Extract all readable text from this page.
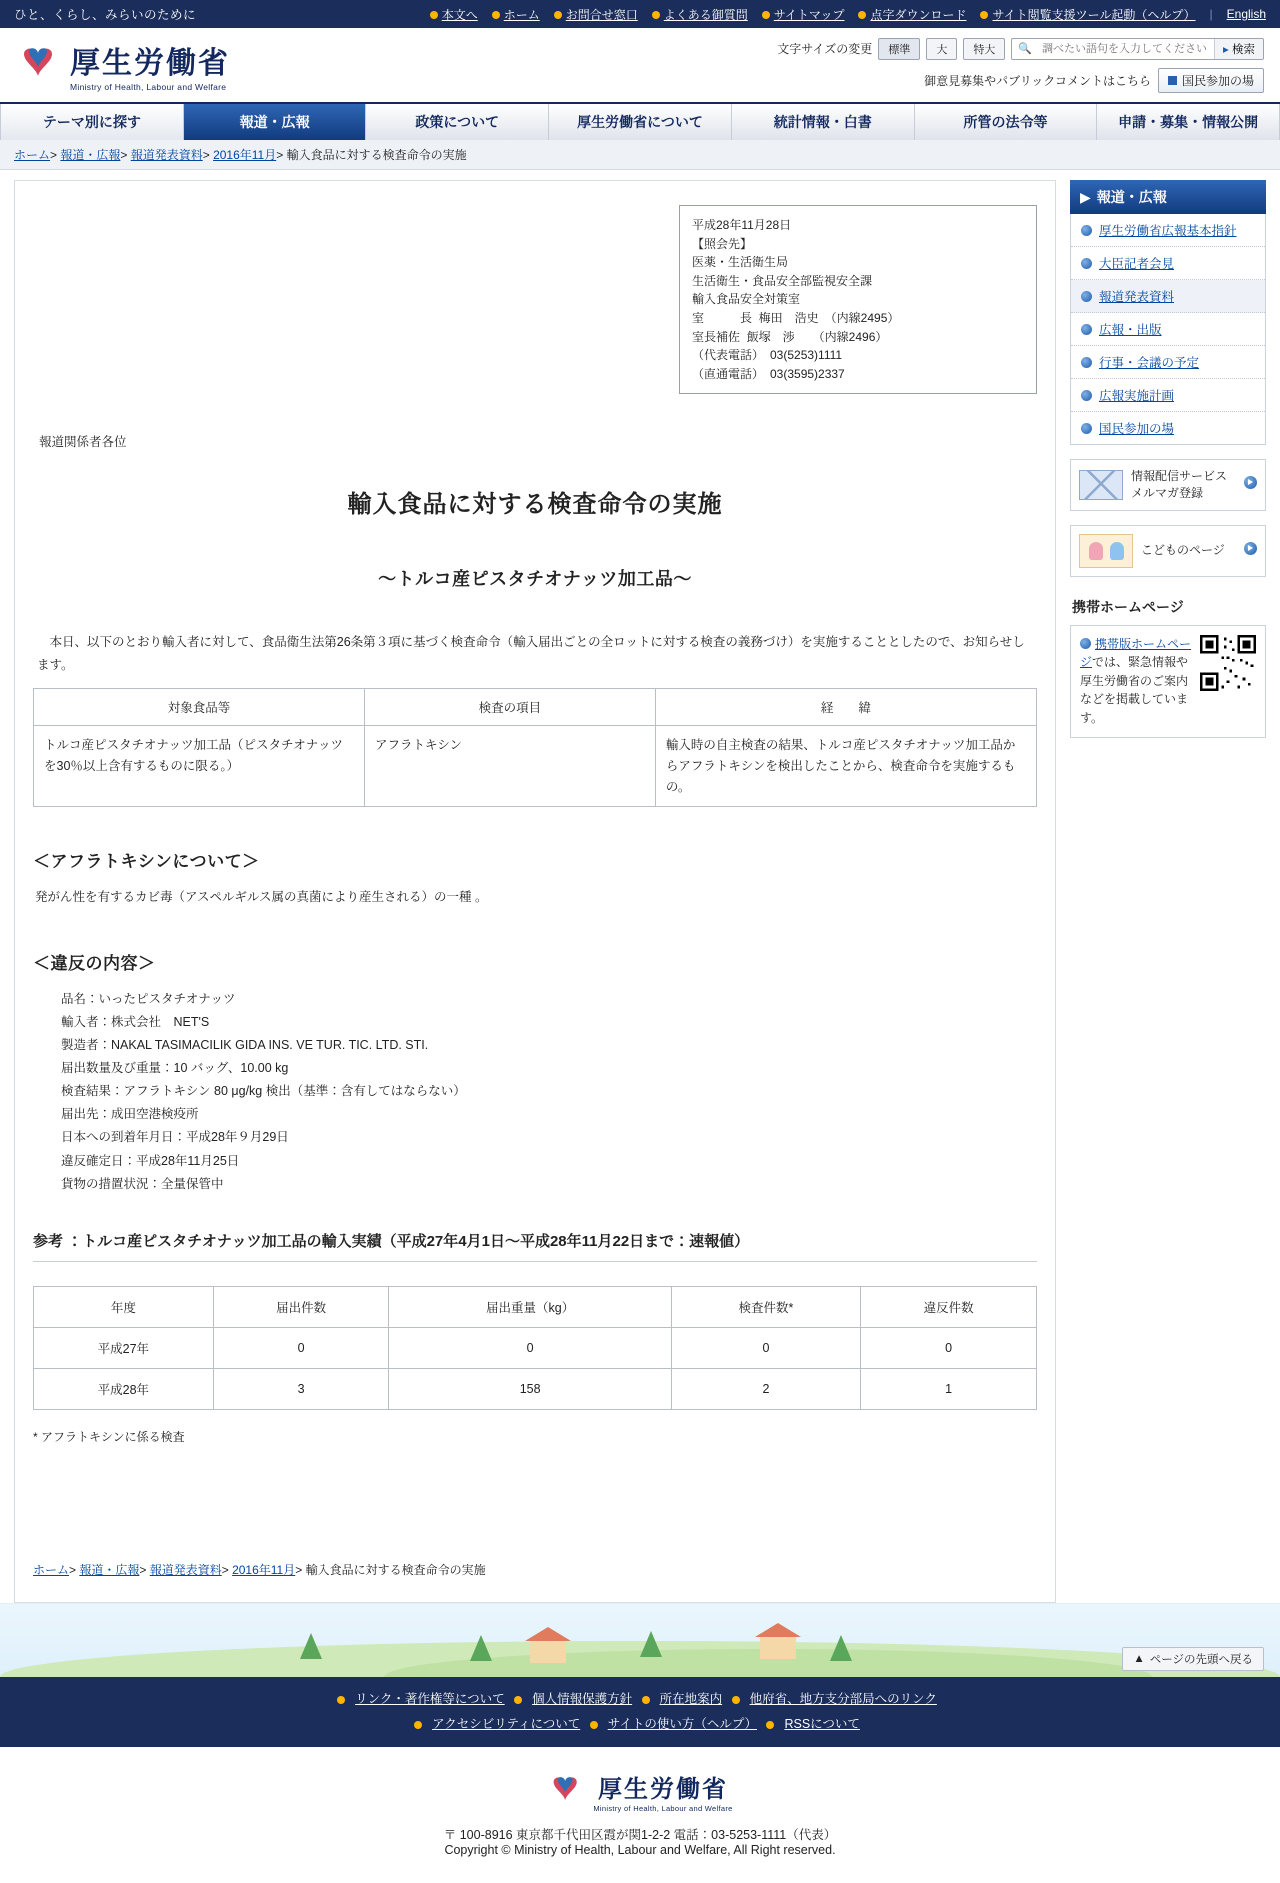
ひと、くらし、みらいのために	本文へ	ホーム	お問合せ窓口	よくある御質問	サイトマップ	点字ダウンロード	サイト閲覧支援ツール起動（ヘルプ） | English
厚生労働省
Ministry of Health, Labour and Welfare
文字サイズの変更	標準	大	特大	🔍
調べたい語句を入力してください	▸ 検索
御意見募集やパブリックコメントはこちら	国民参加の場
テーマ別に探す	報道・広報	政策について	厚生労働省について	統計情報・白書	所管の法令等	申請・募集・情報公開
ホーム> 報道・広報> 報道発表資料> 2016年11月> 輸入食品に対する検査命令の実施
平成28年11月28日
【照会先】
医薬・生活衛生局
生活衛生・食品安全部監視安全課
輸入食品安全対策室
室　　　長  梅田　浩史　（内線2495）
室長補佐  飯塚　渉　　（内線2496）
（代表電話）　03(5253)1111
（直通電話）　03(3595)2337
報道関係者各位
輸入食品に対する検査命令の実施
～トルコ産ピスタチオナッツ加工品～

　本日、以下のとおり輸入者に対して、食品衛生法第26条第３項に基づく検査命令（輸入届出ごとの全ロットに対する検査の義務づけ）を実施することとしたので、お知らせします。

対象食品等	検査の項目	経　　緯
トルコ産ピスタチオナッツ加工品（ピスタチオナッツを30％以上含有するものに限る。）	アフラトキシン	輸入時の自主検査の結果、トルコ産ピスタチオナッツ加工品からアフラトキシンを検出したことから、検査命令を実施するもの。
＜アフラトキシンについて＞

発がん性を有するカビ毒（アスペルギルス属の真菌により産生される）の一種 。

＜違反の内容＞
品名：いったピスタチオナッツ
輸入者：株式会社　NET'S
製造者：NAKAL TASIMACILIK GIDA INS. VE TUR. TIC. LTD. STI.
届出数量及び重量：10 バッグ、10.00 kg
検査結果：アフラトキシン 80 μg/kg 検出（基準：含有してはならない）
届出先：成田空港検疫所
日本への到着年月日：平成28年９月29日
違反確定日：平成28年11月25日
貨物の措置状況：全量保管中
参考 ：トルコ産ピスタチオナッツ加工品の輸入実績（平成27年4月1日～平成28年11月22日まで：速報値）
年度	届出件数	届出重量（kg）	検査件数*	違反件数
平成27年	0	0	0	0
平成28年	3	158	2	1
* アフラトキシンに係る検査
ホーム> 報道・広報> 報道発表資料> 2016年11月> 輸入食品に対する検査命令の実施
▶ 報道・広報
厚生労働省広報基本指針
大臣記者会見
報道発表資料
広報・出版
行事・会議の予定
広報実施計画
国民参加の場
情報配信サービス
メルマガ登録
こどものページ
携帯ホームページ
携帯版ホームページでは、緊急情報や厚生労働省のご案内などを掲載しています。
▲ ページの先頭へ戻る
リンク・著作権等について 個人情報保護方針 所在地案内 他府省、地方支分部局へのリンク
アクセシビリティについて サイトの使い方（ヘルプ） RSSについて
厚生労働省
Ministry of Health, Labour and Welfare
〒 100-8916 東京都千代田区霞が関1-2-2 電話：03-5253-1111（代表）
Copyright © Ministry of Health, Labour and Welfare, All Right reserved.
